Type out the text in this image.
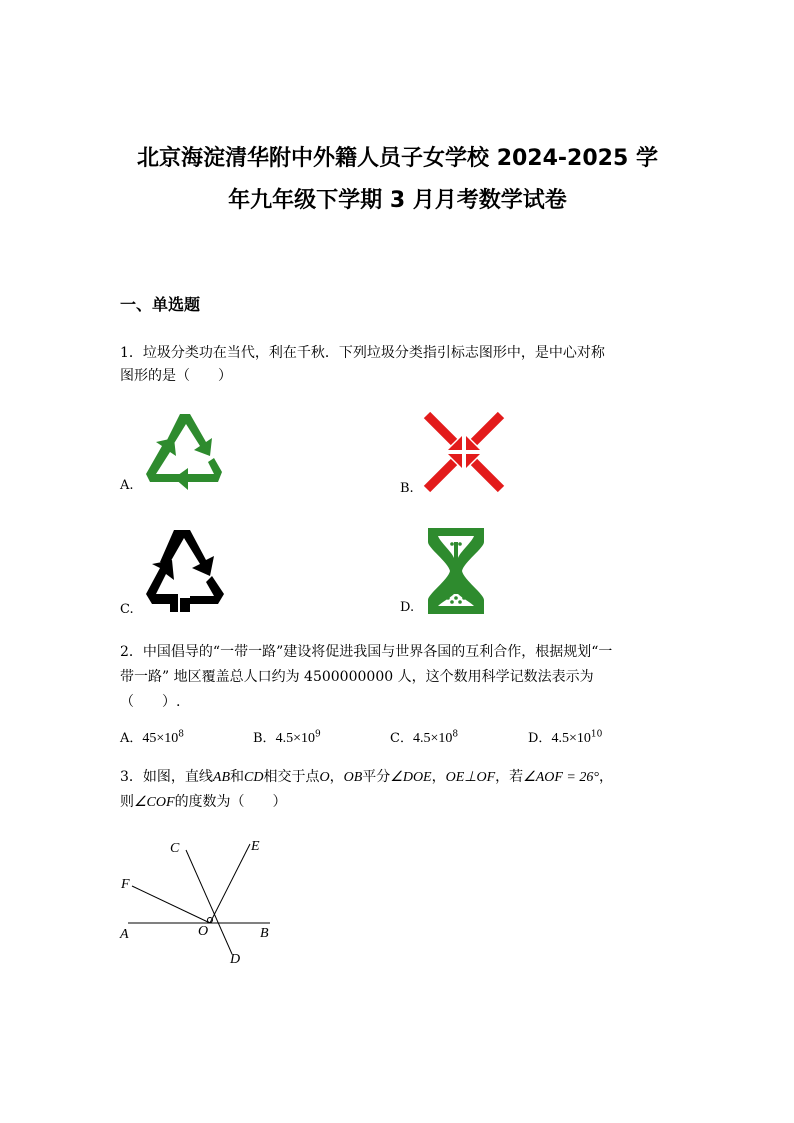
北京海淀清华附中外籍人员子女学校 2024-2025 学
年九年级下学期 3 月月考数学试卷
一、单选题
1．垃圾分类功在当代，利在千秋．下列垃圾分类指引标志图形中，是中心对称
图形的是（　　）
A.	B.
C.	D.
2．中国倡导的“一带一路”建设将促进我国与世界各国的互利合作，根据规划“一
带一路” 地区覆盖总人口约为 4500000000 人，这个数用科学记数法表示为
（　　）.
A．$45\times 10^8$	B．$4.5\times 10^9$	C．$4.5\times 10^8$	D．$4.5\times 10^{10}$
3．如图，直线AB和CD相交于点O，OB平分∠DOE，OE⊥OF，若∠AOF = 26°，
则∠COF的度数为（　　）
C	E
F
A	O	B
D
